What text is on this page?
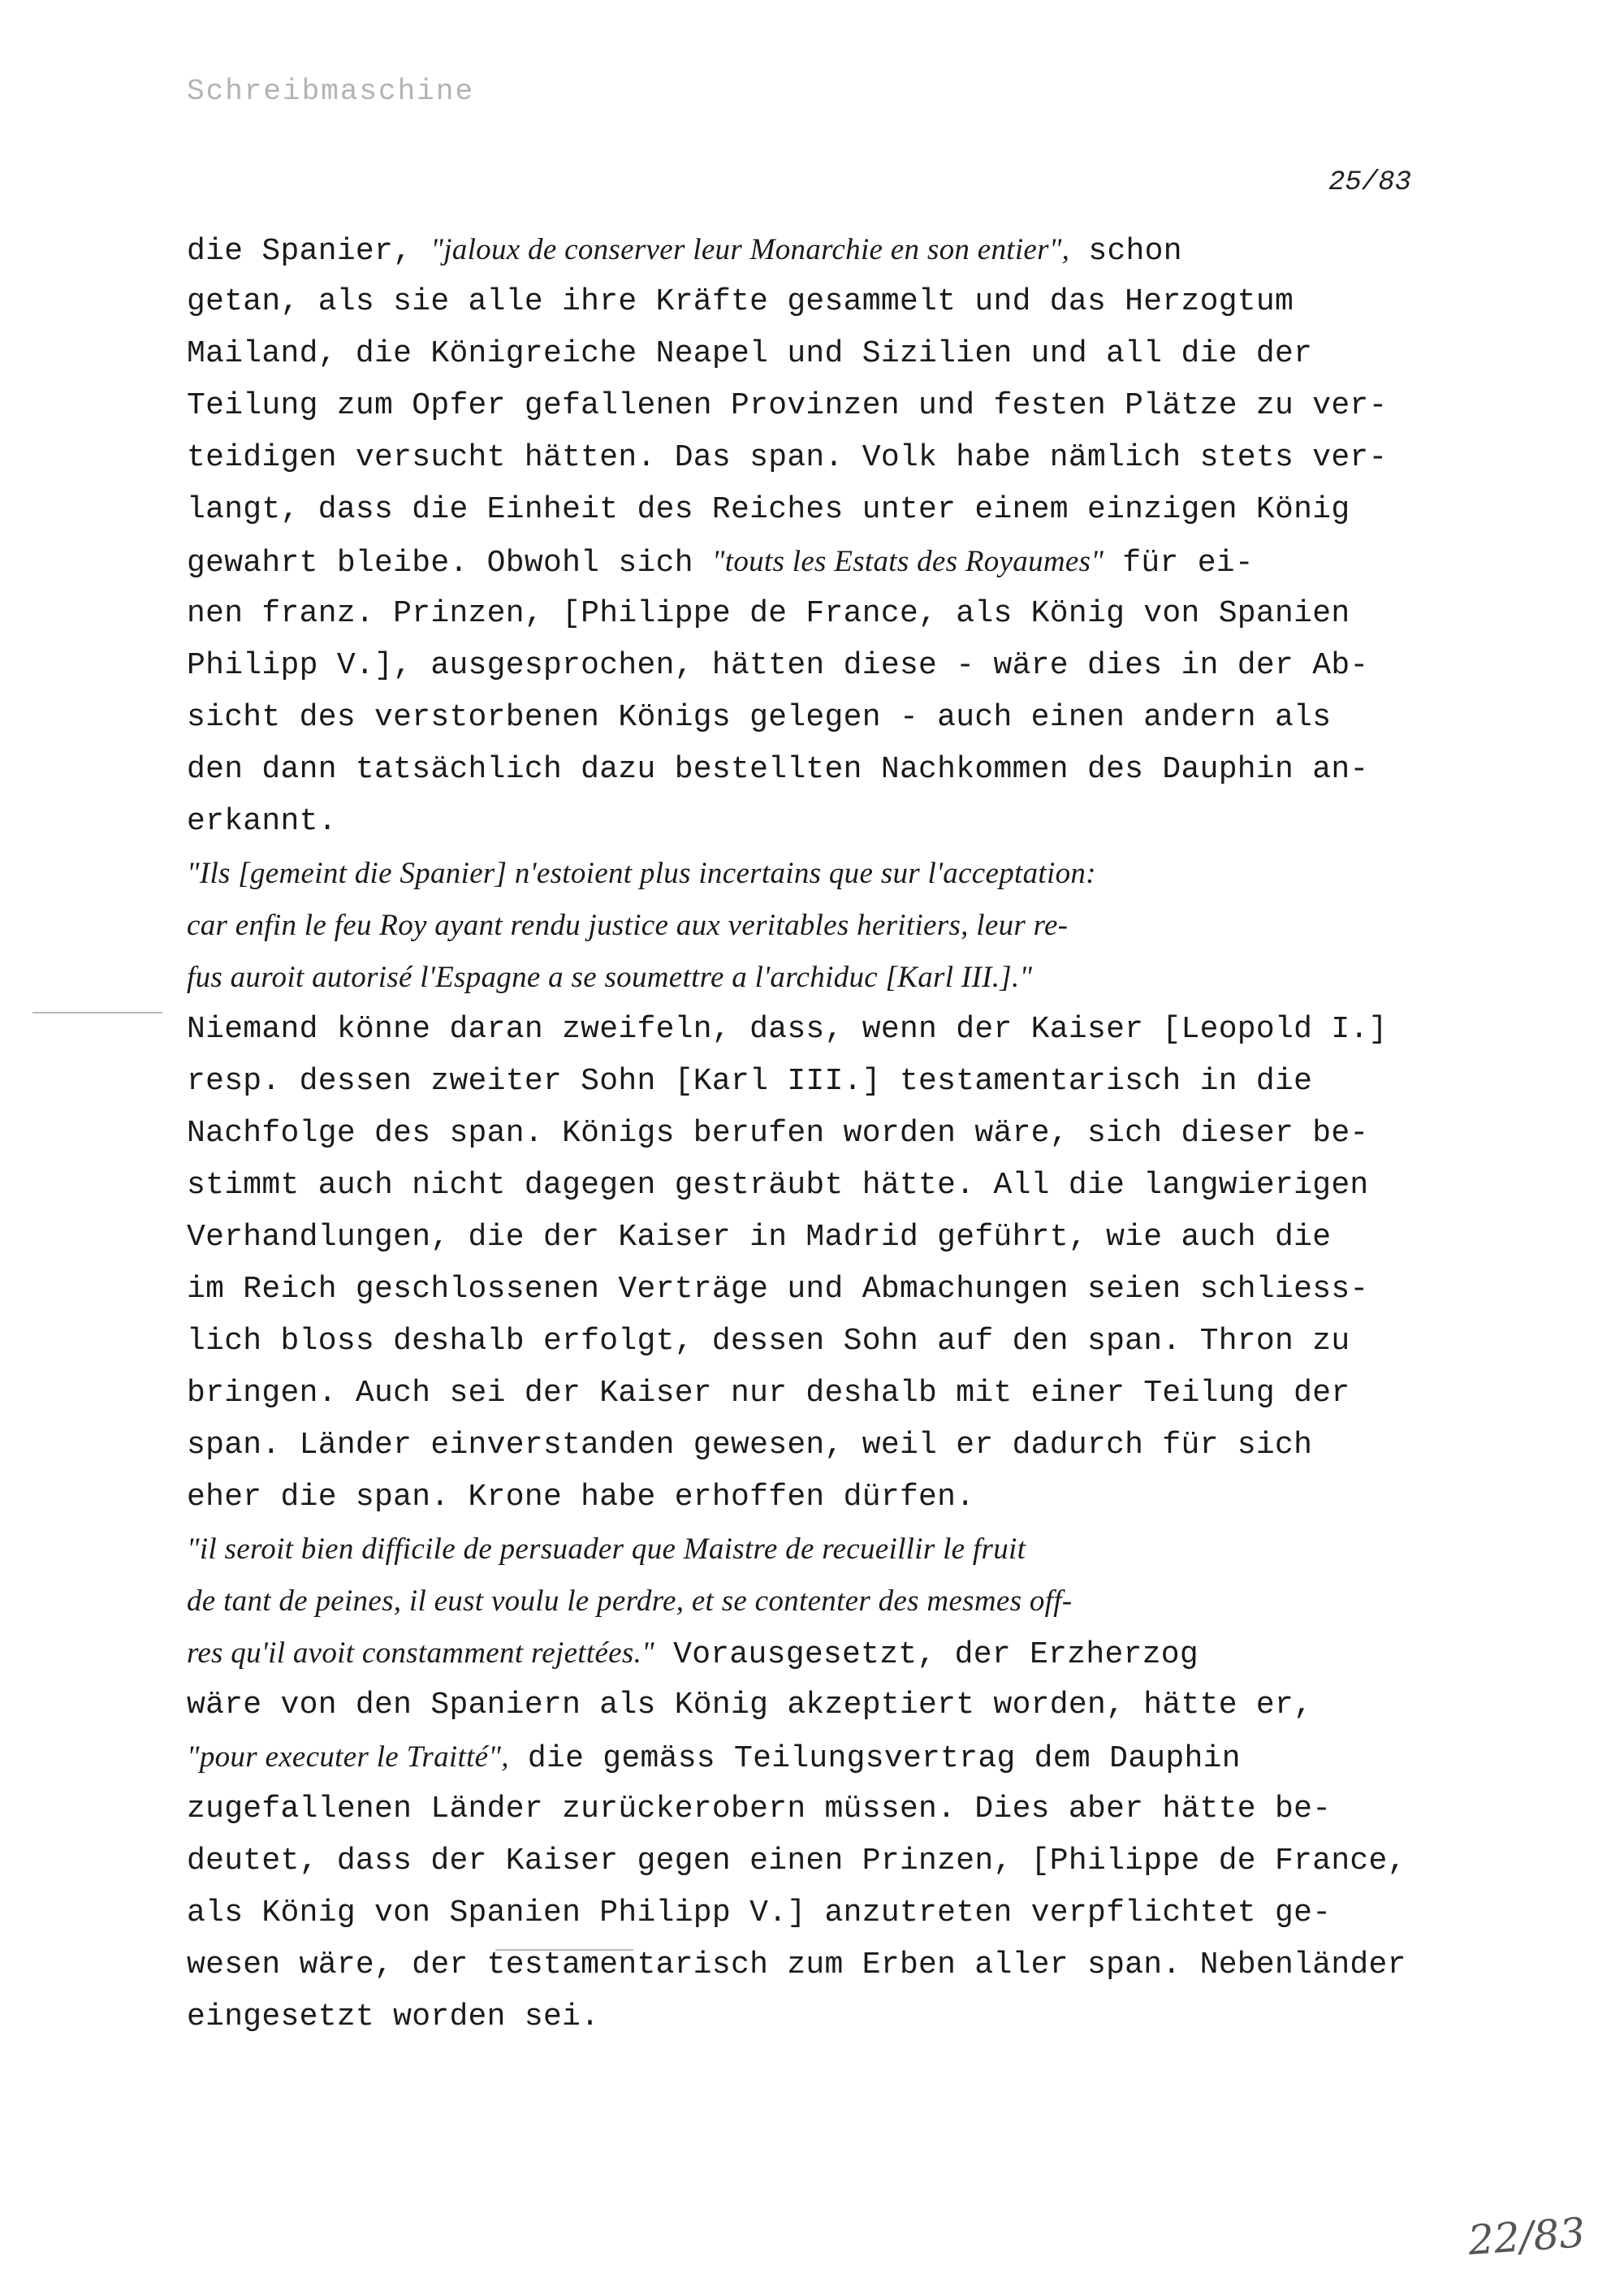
Schreibmaschine
25/83
die Spanier, "jaloux de conserver leur Monarchie en son entier", schon
getan, als sie alle ihre Kräfte gesammelt und das Herzogtum
Mailand, die Königreiche Neapel und Sizilien und all die der
Teilung zum Opfer gefallenen Provinzen und festen Plätze zu ver-
teidigen versucht hätten. Das span. Volk habe nämlich stets ver-
langt, dass die Einheit des Reiches unter einem einzigen König
gewahrt bleibe. Obwohl sich "touts les Estats des Royaumes" für ei-
nen franz. Prinzen, [Philippe de France, als König von Spanien
Philipp V.], ausgesprochen, hätten diese - wäre dies in der Ab-
sicht des verstorbenen Königs gelegen - auch einen andern als
den dann tatsächlich dazu bestellten Nachkommen des Dauphin an-
erkannt.
"Ils [gemeint die Spanier] n'estoient plus incertains que sur l'acceptation:
car enfin le feu Roy ayant rendu justice aux veritables heritiers, leur re-
fus auroit autorisé l'Espagne a se soumettre a l'archiduc [Karl III.]."
Niemand könne daran zweifeln, dass, wenn der Kaiser [Leopold I.]
resp. dessen zweiter Sohn [Karl III.] testamentarisch in die
Nachfolge des span. Königs berufen worden wäre, sich dieser be-
stimmt auch nicht dagegen gesträubt hätte. All die langwierigen
Verhandlungen, die der Kaiser in Madrid geführt, wie auch die
im Reich geschlossenen Verträge und Abmachungen seien schliess-
lich bloss deshalb erfolgt, dessen Sohn auf den span. Thron zu
bringen. Auch sei der Kaiser nur deshalb mit einer Teilung der
span. Länder einverstanden gewesen, weil er dadurch für sich
eher die span. Krone habe erhoffen dürfen.
"il seroit bien difficile de persuader que Maistre de recueillir le fruit
de tant de peines, il eust voulu le perdre, et se contenter des mesmes off-
res qu'il avoit constamment rejettées." Vorausgesetzt, der Erzherzog
wäre von den Spaniern als König akzeptiert worden, hätte er,
"pour executer le Traitté", die gemäss Teilungsvertrag dem Dauphin
zugefallenen Länder zurückerobern müssen. Dies aber hätte be-
deutet, dass der Kaiser gegen einen Prinzen, [Philippe de France,
als König von Spanien Philipp V.] anzutreten verpflichtet ge-
wesen wäre, der testamentarisch zum Erben aller span. Nebenländer
eingesetzt worden sei.
22/83
